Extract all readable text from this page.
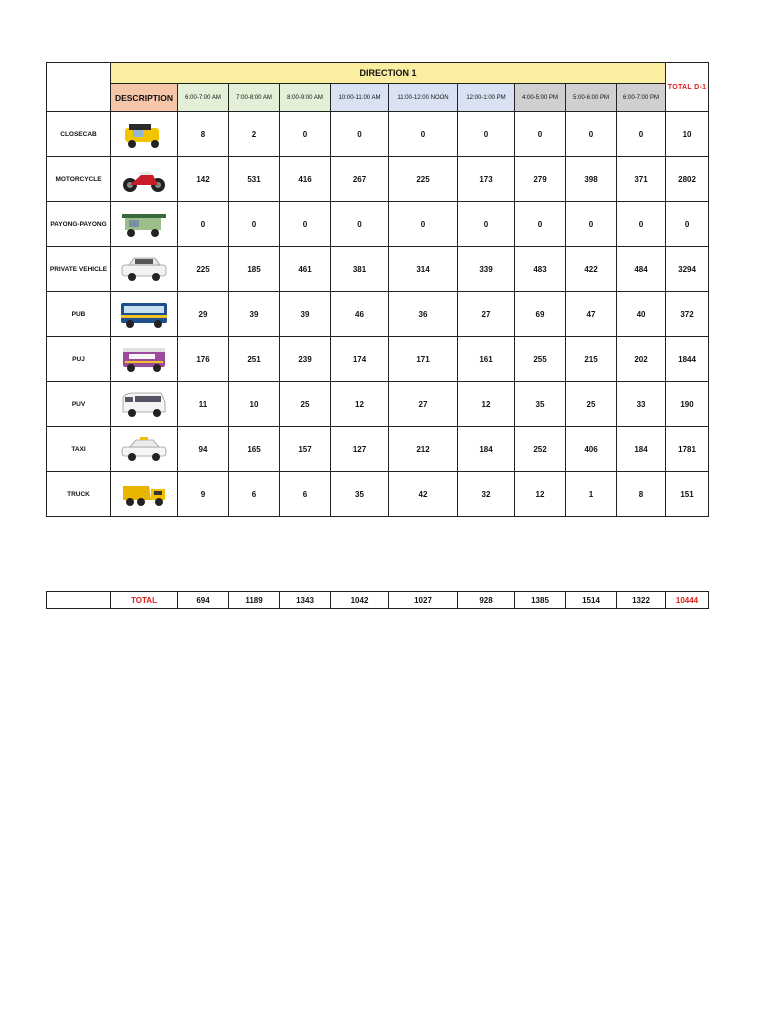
	DIRECTION 1										TOTAL D-1
	DESCRIPTION	6:00-7:00 AM	7:00-8:00 AM	8:00-9:00 AM	10:00-11:00 AM	11:00-12:00 NOON	12:00-1:00 PM	4:00-5:00 PM	5:00-6:00 PM	6:00-7:00 PM	
CLOSECAB		8	2	0	0	0	0	0	0	0	10
MOTORCYCLE		142	531	416	267	225	173	279	398	371	2802
PAYONG-PAYONG		0	0	0	0	0	0	0	0	0	0
PRIVATE VEHICLE		225	185	461	381	314	339	483	422	484	3294
PUB		29	39	39	46	36	27	69	47	40	372
PUJ		176	251	239	174	171	161	255	215	202	1844
PUV		11	10	25	12	27	12	35	25	33	190
TAXI		94	165	157	127	212	184	252	406	184	1781
TRUCK		9	6	6	35	42	32	12	1	8	151
	TOTAL	694	1189	1343	1042	1027	928	1385	1514	1322	10444
